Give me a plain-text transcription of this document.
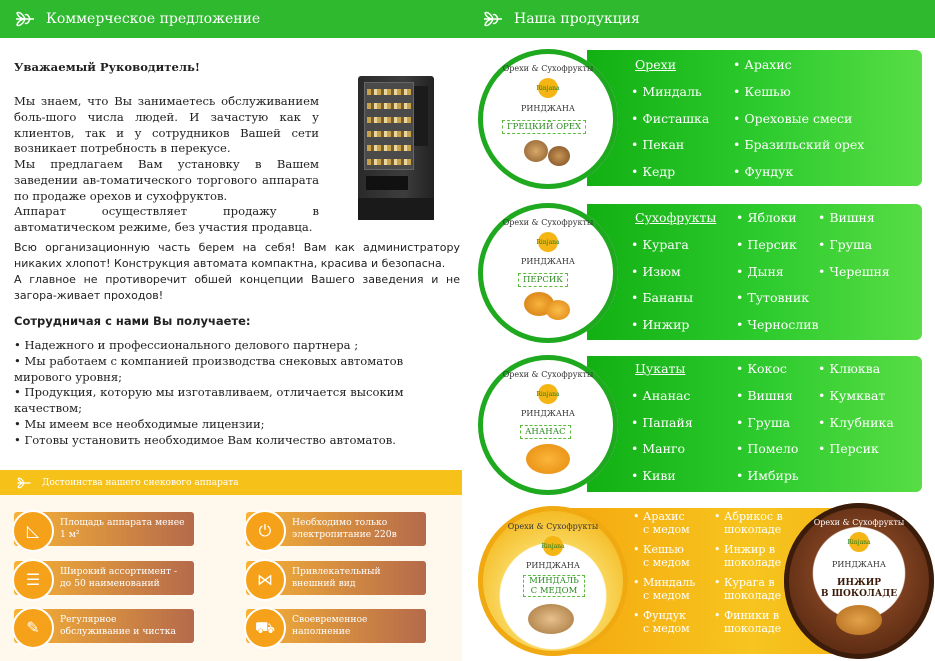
Коммерческое предложение	Наша продукция
Уважаемый Руководитель!
Мы знаем, что Вы занимаетесь обслуживанием боль-шого числа людей. И зачастую как у клиентов, так и у сотрудников Вашей сети возникает потребность в перекусе.
Мы предлагаем Вам установку в Вашем заведении ав-томатического торгового аппарата по продаже орехов и сухофруктов.
Аппарат осуществляет продажу в автоматическом режиме, без участия продавца.
Всю организационную часть берем на себя! Вам как администратору никаких хлопот! Конструкция автомата компактна, красива и безопасна.
А главное не противоречит обшей концепции Вашего заведения и не загора-живает проходов!
Сотрудничая с нами Вы получаете:
• Надежного и профессионального делового партнера ;
• Мы работаем с компанией производства снековых автоматов мирового уровня;
• Продукция, которую мы изготавливаем, отличается высоким качеством;
• Мы имеем все необходимые лицензии;
• Готовы установить необходимое Вам количество автоматов.
Достоинства нашего снекового аппарата
◺	Площадь аппарата менее 1 м²	⏻	Необходимо только электропитание 220в
☰	Широкий ассортимент - до 50 наименований	⋈	Привлекательный внешний вид
✎	Регулярное обслуживание и чистка	⛟	Своевременное наполнение
Орехи & Сухофрукты
Rinjana
РИНДЖАНА
ГРЕЦКИЙ ОРЕХ
Орехи
• Миндаль
• Фисташка
• Пекан
• Кедр
• Арахис
• Кешью
• Ореховые смеси
• Бразильский орех
• Фундук
Орехи & Сухофрукты
Rinjana
РИНДЖАНА
ПЕРСИК
Сухофрукты
• Курага
• Изюм
• Бананы
• Инжир
• Яблоки
• Персик
• Дыня
• Тутовник
• Чернослив
• Вишня
• Груша
• Черешня
Орехи & Сухофрукты
Rinjana
РИНДЖАНА
АНАНАС
Цукаты
• Ананас
• Папайя
• Манго
• Киви
• Кокос
• Вишня
• Груша
• Помело
• Имбирь
• Клюква
• Кумкват
• Клубника
• Персик
Орехи & Сухофрукты
Rinjana
РИНДЖАНА
МИНДАЛЬ
С МЕДОМ
• Арахис с медом
• Кешью с медом
• Миндаль с медом
• Фундук с медом
• Абрикос в шоколаде
• Инжир в шоколаде
• Курага в шоколаде
• Финики в шоколаде
Орехи & Сухофрукты
Rinjana
РИНДЖАНА
ИНЖИР
В ШОКОЛАДЕ
